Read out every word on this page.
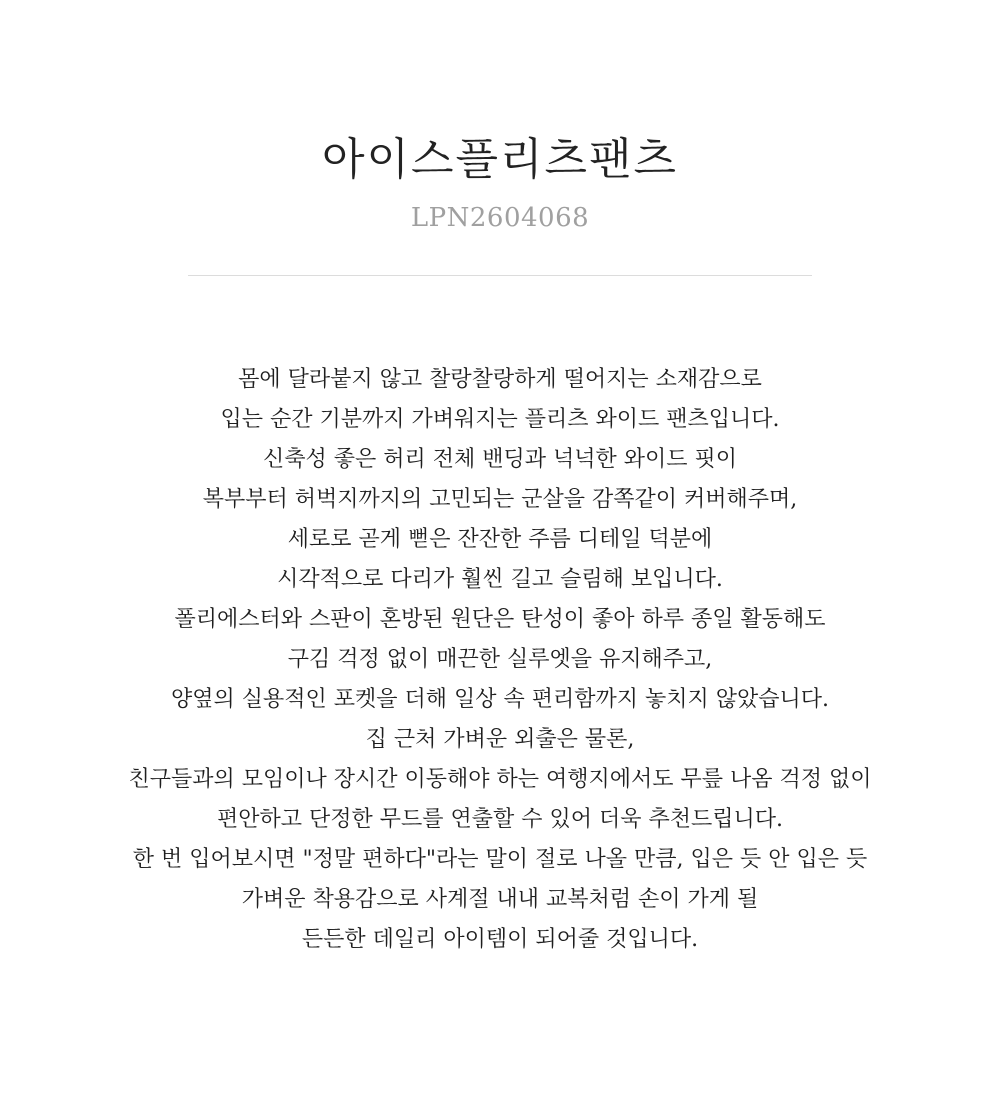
아이스플리츠팬츠
LPN2604068
몸에 달라붙지 않고 찰랑찰랑하게 떨어지는 소재감으로
입는 순간 기분까지 가벼워지는 플리츠 와이드 팬츠입니다.
신축성 좋은 허리 전체 밴딩과 넉넉한 와이드 핏이
복부부터 허벅지까지의 고민되는 군살을 감쪽같이 커버해주며,
세로로 곧게 뻗은 잔잔한 주름 디테일 덕분에
시각적으로 다리가 훨씬 길고 슬림해 보입니다.
폴리에스터와 스판이 혼방된 원단은 탄성이 좋아 하루 종일 활동해도
구김 걱정 없이 매끈한 실루엣을 유지해주고,
양옆의 실용적인 포켓을 더해 일상 속 편리함까지 놓치지 않았습니다.
집 근처 가벼운 외출은 물론,
친구들과의 모임이나 장시간 이동해야 하는 여행지에서도 무릎 나옴 걱정 없이
편안하고 단정한 무드를 연출할 수 있어 더욱 추천드립니다.
한 번 입어보시면 "정말 편하다"라는 말이 절로 나올 만큼, 입은 듯 안 입은 듯
가벼운 착용감으로 사계절 내내 교복처럼 손이 가게 될
든든한 데일리 아이템이 되어줄 것입니다.
